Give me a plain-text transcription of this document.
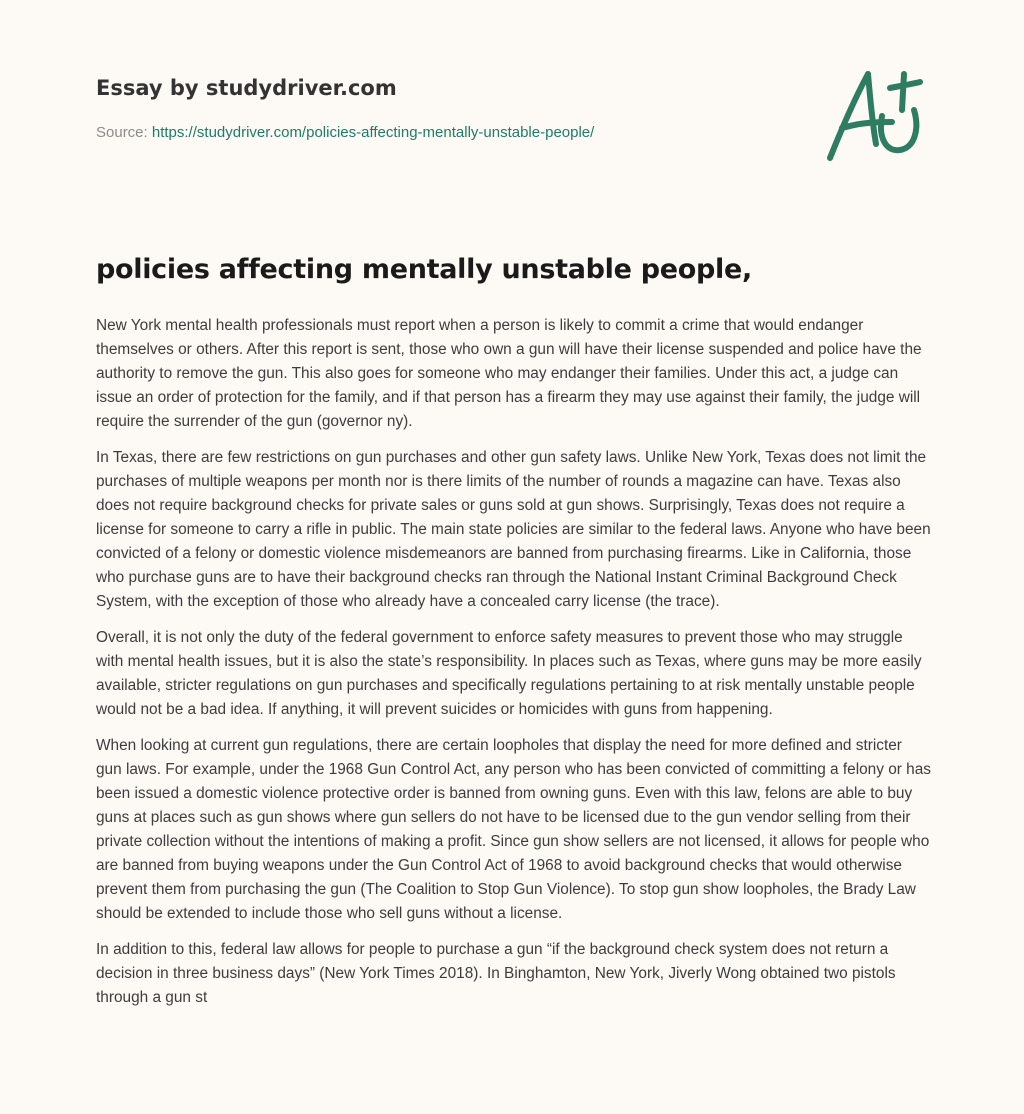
Essay by studydriver.com
Source: https://studydriver.com/policies-affecting-mentally-unstable-people/
policies affecting mentally unstable people,

New York mental health professionals must report when a person is likely to commit a crime that would endanger themselves or others. After this report is sent, those who own a gun will have their license suspended and police have the authority to remove the gun. This also goes for someone who may endanger their families. Under this act, a judge can issue an order of protection for the family, and if that person has a firearm they may use against their family, the judge will require the surrender of the gun (governor ny).

In Texas, there are few restrictions on gun purchases and other gun safety laws. Unlike New York, Texas does not limit the purchases of multiple weapons per month nor is there limits of the number of rounds a magazine can have. Texas also does not require background checks for private sales or guns sold at gun shows. Surprisingly, Texas does not require a license for someone to carry a rifle in public. The main state policies are similar to the federal laws. Anyone who have been convicted of a felony or domestic violence misdemeanors are banned from purchasing firearms. Like in California, those who purchase guns are to have their background checks ran through the National Instant Criminal Background Check System, with the exception of those who already have a concealed carry license (the trace).

Overall, it is not only the duty of the federal government to enforce safety measures to prevent those who may struggle with mental health issues, but it is also the state’s responsibility. In places such as Texas, where guns may be more easily available, stricter regulations on gun purchases and specifically regulations pertaining to at risk mentally unstable people would not be a bad idea. If anything, it will prevent suicides or homicides with guns from happening.

When looking at current gun regulations, there are certain loopholes that display the need for more defined and stricter gun laws. For example, under the 1968 Gun Control Act, any person who has been convicted of committing a felony or has been issued a domestic violence protective order is banned from owning guns. Even with this law, felons are able to buy guns at places such as gun shows where gun sellers do not have to be licensed due to the gun vendor selling from their private collection without the intentions of making a profit. Since gun show sellers are not licensed, it allows for people who are banned from buying weapons under the Gun Control Act of 1968 to avoid background checks that would otherwise prevent them from purchasing the gun (The Coalition to Stop Gun Violence). To stop gun show loopholes, the Brady Law should be extended to include those who sell guns without a license.

In addition to this, federal law allows for people to purchase a gun “if the background check system does not return a decision in three business days” (New York Times 2018). In Binghamton, New York, Jiverly Wong obtained two pistols through a gun st
